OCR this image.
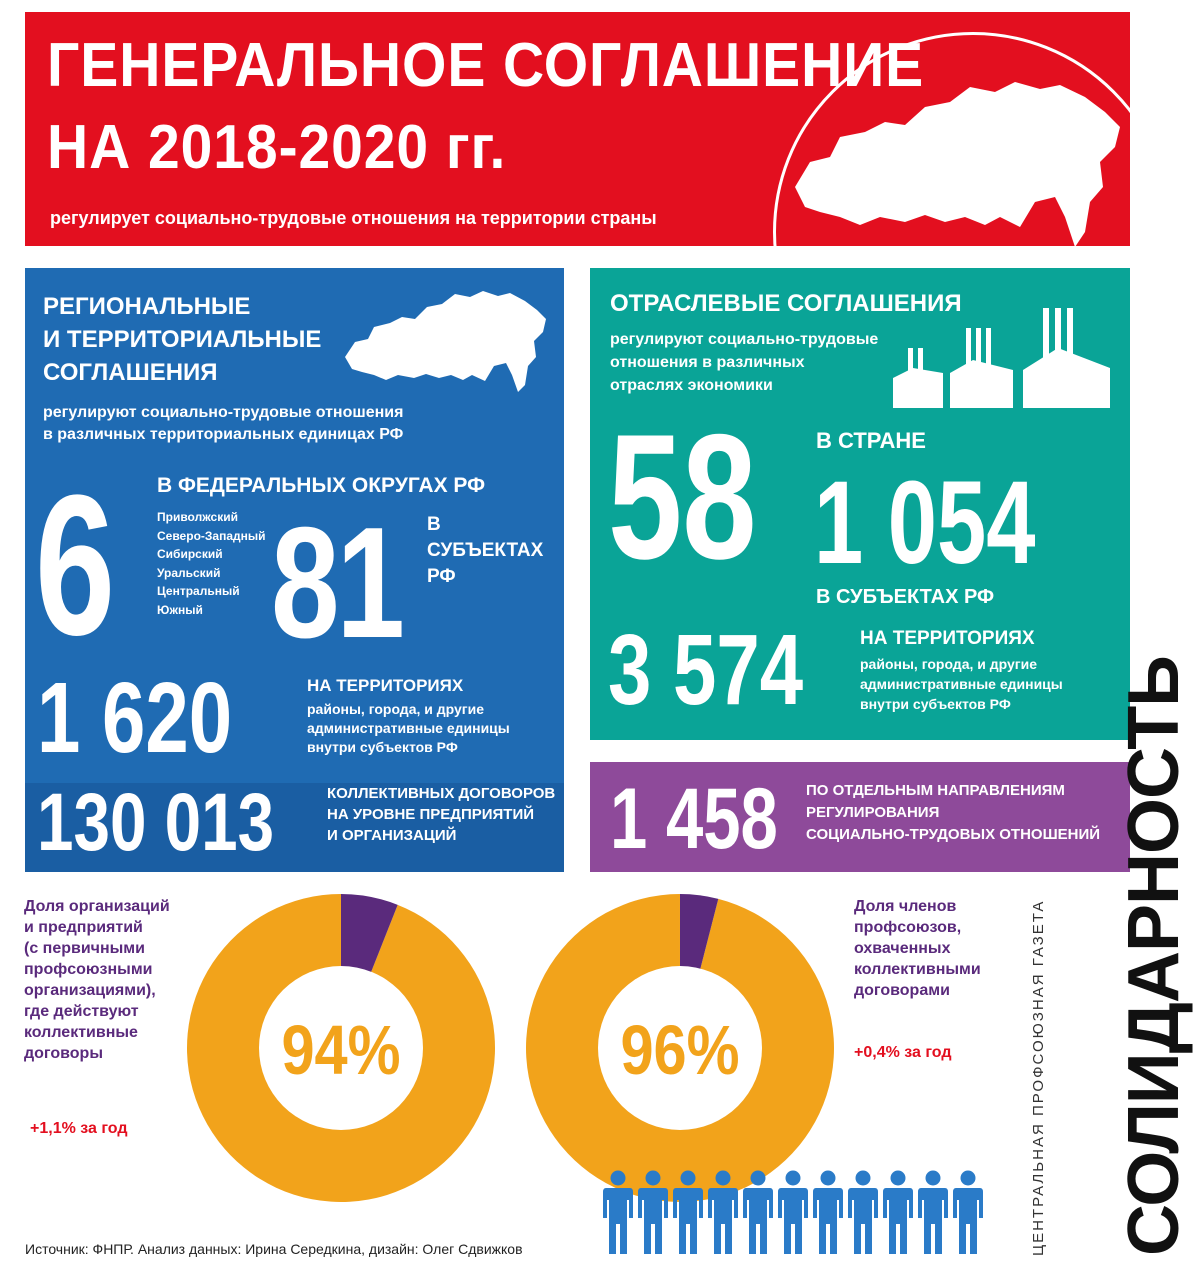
ГЕНЕРАЛЬНОЕ СОГЛАШЕНИЕ
НА 2018-2020 гг.
регулирует социально-трудовые отношения на территории страны
РЕГИОНАЛЬНЫЕ
И ТЕРРИТОРИАЛЬНЫЕ
СОГЛАШЕНИЯ
регулируют социально-трудовые отношения
в различных территориальных единицах РФ
6 В ФЕДЕРАЛЬНЫХ ОКРУГАХ РФ
Приволжский
Северо-Западный
Сибирский
Уральский
Центральный
Южный 81 В
СУБЪЕКТАХ
РФ
1 620	НА ТЕРРИТОРИЯХ
районы, города, и другие
административные единицы
внутри субъектов РФ
130 013	КОЛЛЕКТИВНЫХ ДОГОВОРОВ
НА УРОВНЕ ПРЕДПРИЯТИЙ
И ОРГАНИЗАЦИЙ
ОТРАСЛЕВЫЕ СОГЛАШЕНИЯ
регулируют социально-трудовые
отношения в различных
отраслях экономики
58	В СТРАНЕ
1 054
В СУБЪЕКТАХ РФ
3 574	НА ТЕРРИТОРИЯХ
районы, города, и другие
административные единицы
внутри субъектов РФ
1 458 ПО ОТДЕЛЬНЫМ НАПРАВЛЕНИЯМ
РЕГУЛИРОВАНИЯ
СОЦИАЛЬНО-ТРУДОВЫХ ОТНОШЕНИЙ
Доля организаций
и предприятий
(с первичными
профсоюзными
организациями),
где действуют
коллективные
договоры
+1,1% за год
94%	96%
Доля членов
профсоюзов,
охваченных
коллективными
договорами
+0,4% за год СОЛИДАРНОСТЬ
ЦЕНТРАЛЬНАЯ ПРОФСОЮЗНАЯ ГАЗЕТА
Источник: ФНПР. Анализ данных: Ирина Середкина, дизайн: Олег Сдвижков
